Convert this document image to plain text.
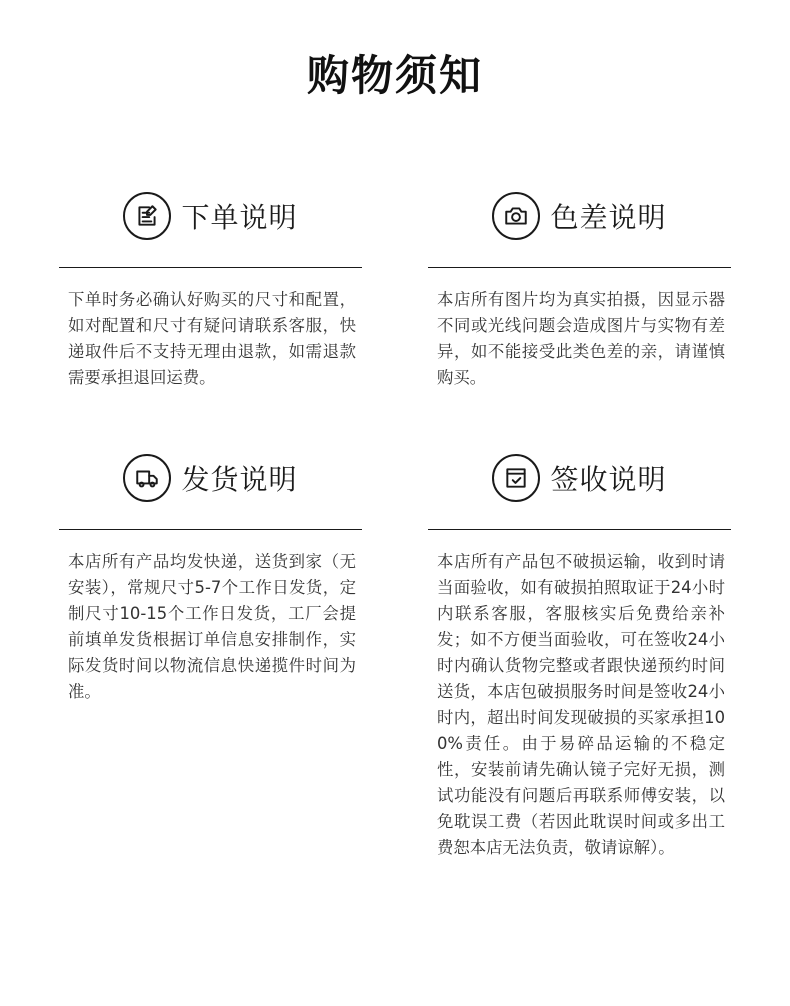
购物须知
下单说明
下单时务必确认好购买的尺寸和配置，如对配置和尺寸有疑问请联系客服，快递取件后不支持无理由退款，如需退款需要承担退回运费。
色差说明
本店所有图片均为真实拍摄，因显示器不同或光线问题会造成图片与实物有差异，如不能接受此类色差的亲，请谨慎购买。
发货说明
本店所有产品均发快递，送货到家（无安装），常规尺寸5-7个工作日发货，定制尺寸10-15个工作日发货，工厂会提前填单发货根据订单信息安排制作，实际发货时间以物流信息快递揽件时间为准。
签收说明
本店所有产品包不破损运输，收到时请当面验收，如有破损拍照取证于24小时内联系客服，客服核实后免费给亲补发；如不方便当面验收，可在签收24小时内确认货物完整或者跟快递预约时间送货，本店包破损服务时间是签收24小时内，超出时间发现破损的买家承担100%责任。由于易碎品运输的不稳定性，安装前请先确认镜子完好无损，测试功能没有问题后再联系师傅安装，以免耽误工费（若因此耽误时间或多出工费恕本店无法负责，敬请谅解）。
